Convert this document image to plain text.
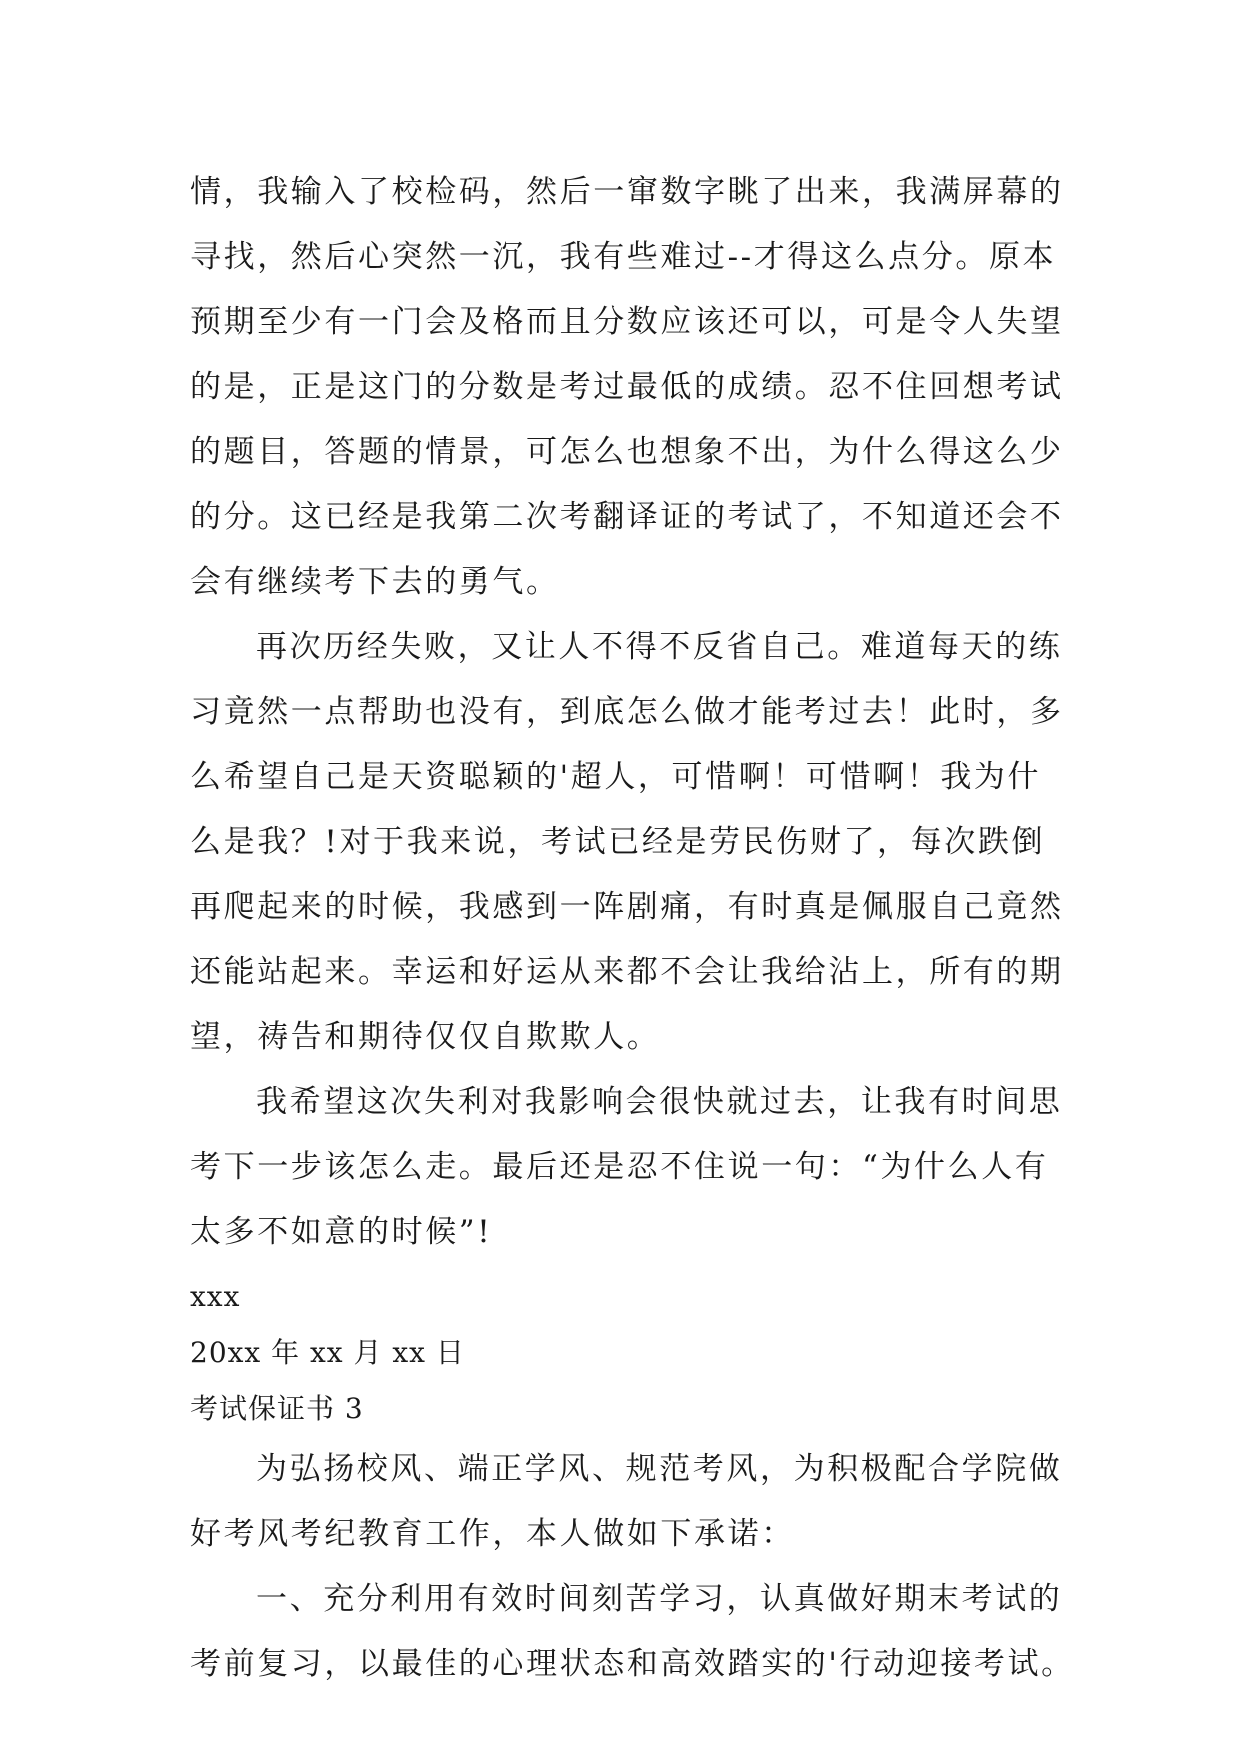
情，我输入了校检码，然后一窜数字眺了出来，我满屏幕的
寻找，然后心突然一沉，我有些难过--才得这么点分。原本
预期至少有一门会及格而且分数应该还可以，可是令人失望
的是，正是这门的分数是考过最低的成绩。忍不住回想考试
的题目，答题的情景，可怎么也想象不出，为什么得这么少
的分。这已经是我第二次考翻译证的考试了，不知道还会不
会有继续考下去的勇气。

再次历经失败，又让人不得不反省自己。难道每天的练
习竟然一点帮助也没有，到底怎么做才能考过去！此时，多
么希望自己是天资聪颖的'超人，可惜啊！可惜啊！我为什
么是我？!对于我来说，考试已经是劳民伤财了，每次跌倒
再爬起来的时候，我感到一阵剧痛，有时真是佩服自己竟然
还能站起来。幸运和好运从来都不会让我给沾上，所有的期
望，祷告和期待仅仅自欺欺人。

我希望这次失利对我影响会很快就过去，让我有时间思
考下一步该怎么走。最后还是忍不住说一句：“为什么人有
太多不如意的时候”!

xxx

20xx 年 xx 月 xx 日

考试保证书 3

为弘扬校风、端正学风、规范考风，为积极配合学院做
好考风考纪教育工作，本人做如下承诺：

一、充分利用有效时间刻苦学习，认真做好期末考试的
考前复习，以最佳的心理状态和高效踏实的'行动迎接考试。
